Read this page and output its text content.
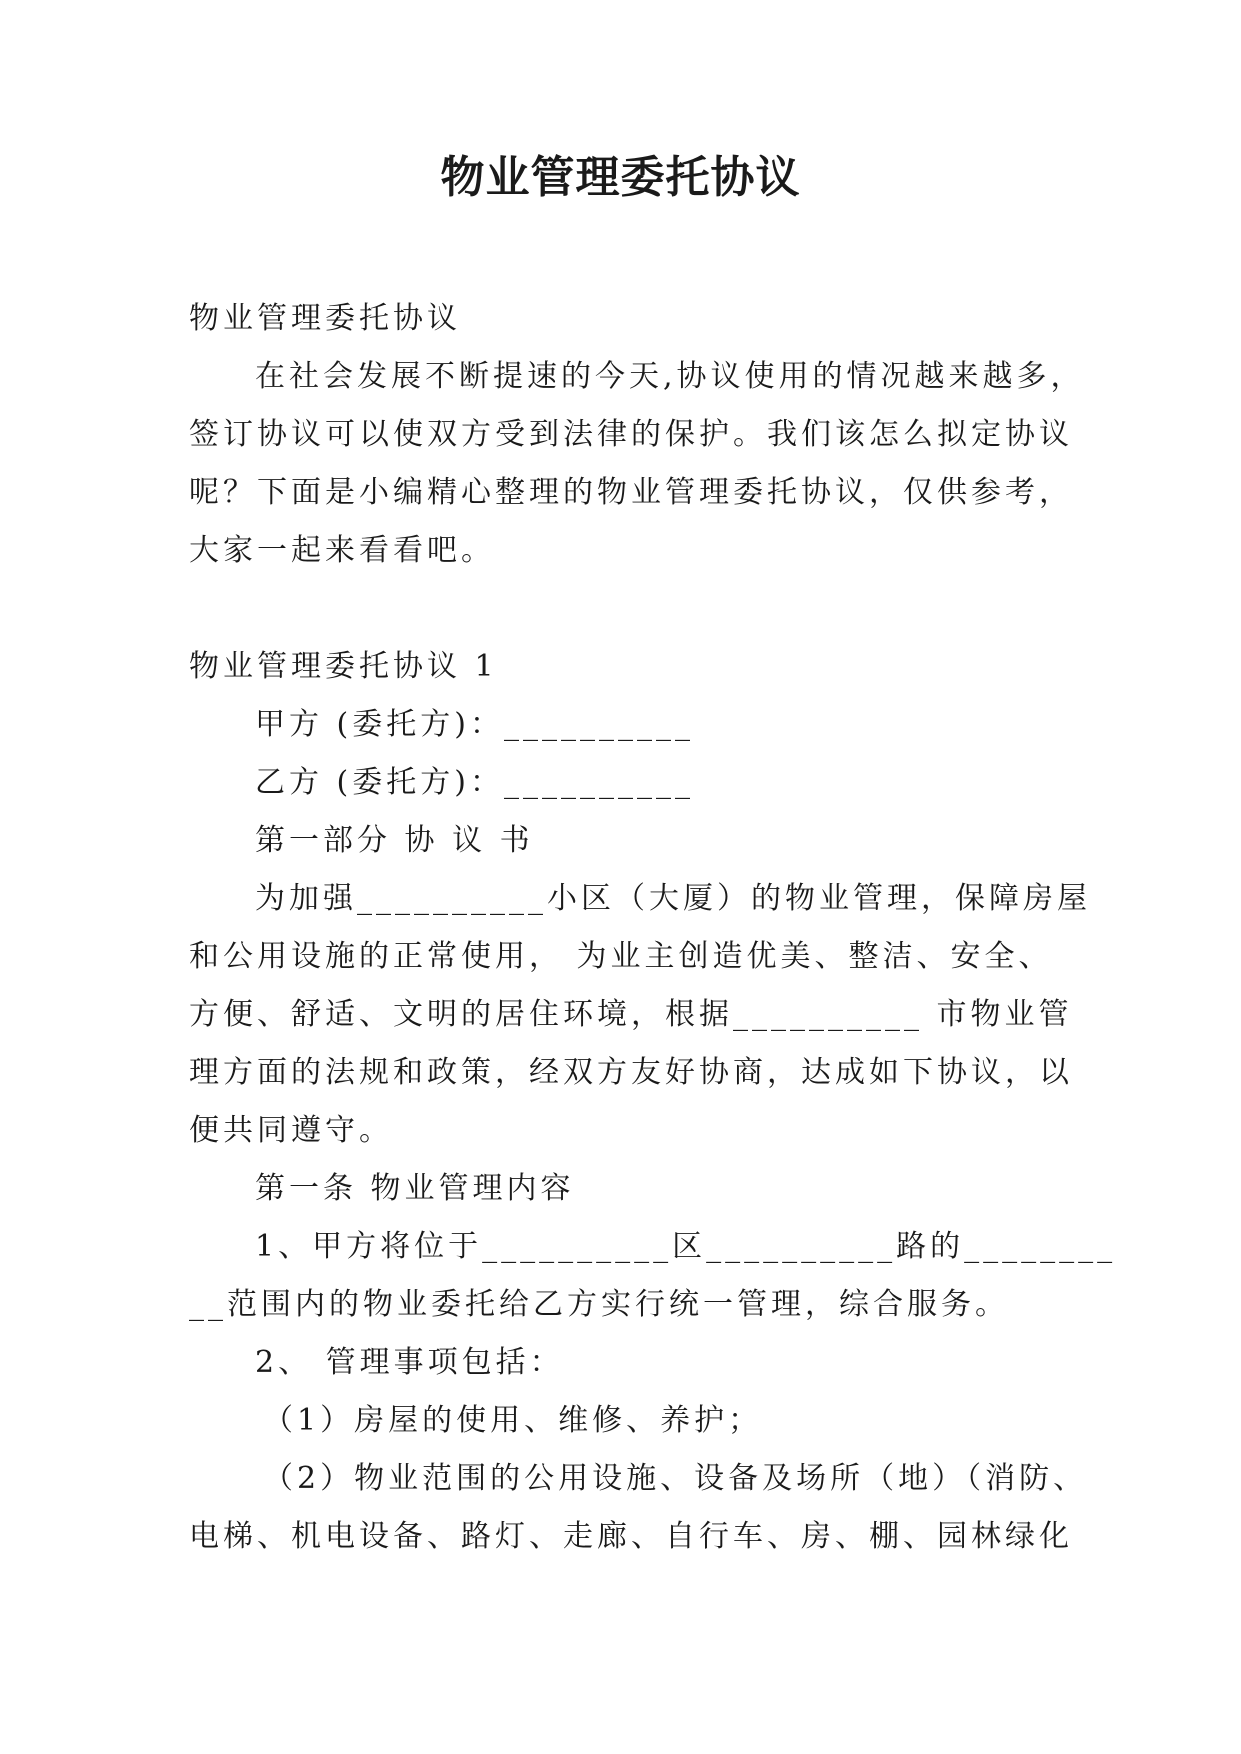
物业管理委托协议

物业管理委托协议

在社会发展不断提速的今天,协议使用的情况越来越多，

签订协议可以使双方受到法律的保护。我们该怎么拟定协议

呢？下面是小编精心整理的物业管理委托协议，仅供参考，

大家一起来看看吧。

物业管理委托协议 1

甲方 (委托方)：__________

乙方 (委托方)：__________

第一部分 协 议 书

为加强__________小区（大厦）的物业管理，保障房屋

和公用设施的正常使用， 为业主创造优美、整洁、安全、

方便、舒适、文明的居住环境，根据__________ 市物业管

理方面的法规和政策，经双方友好协商，达成如下协议，以

便共同遵守。

第一条 物业管理内容

1、甲方将位于__________区__________路的________

__范围内的物业委托给乙方实行统一管理，综合服务。

2、 管理事项包括：

（1）房屋的使用、维修、养护；

（2）物业范围的公用设施、设备及场所（地）（消防、

电梯、机电设备、路灯、走廊、自行车、房、棚、园林绿化
